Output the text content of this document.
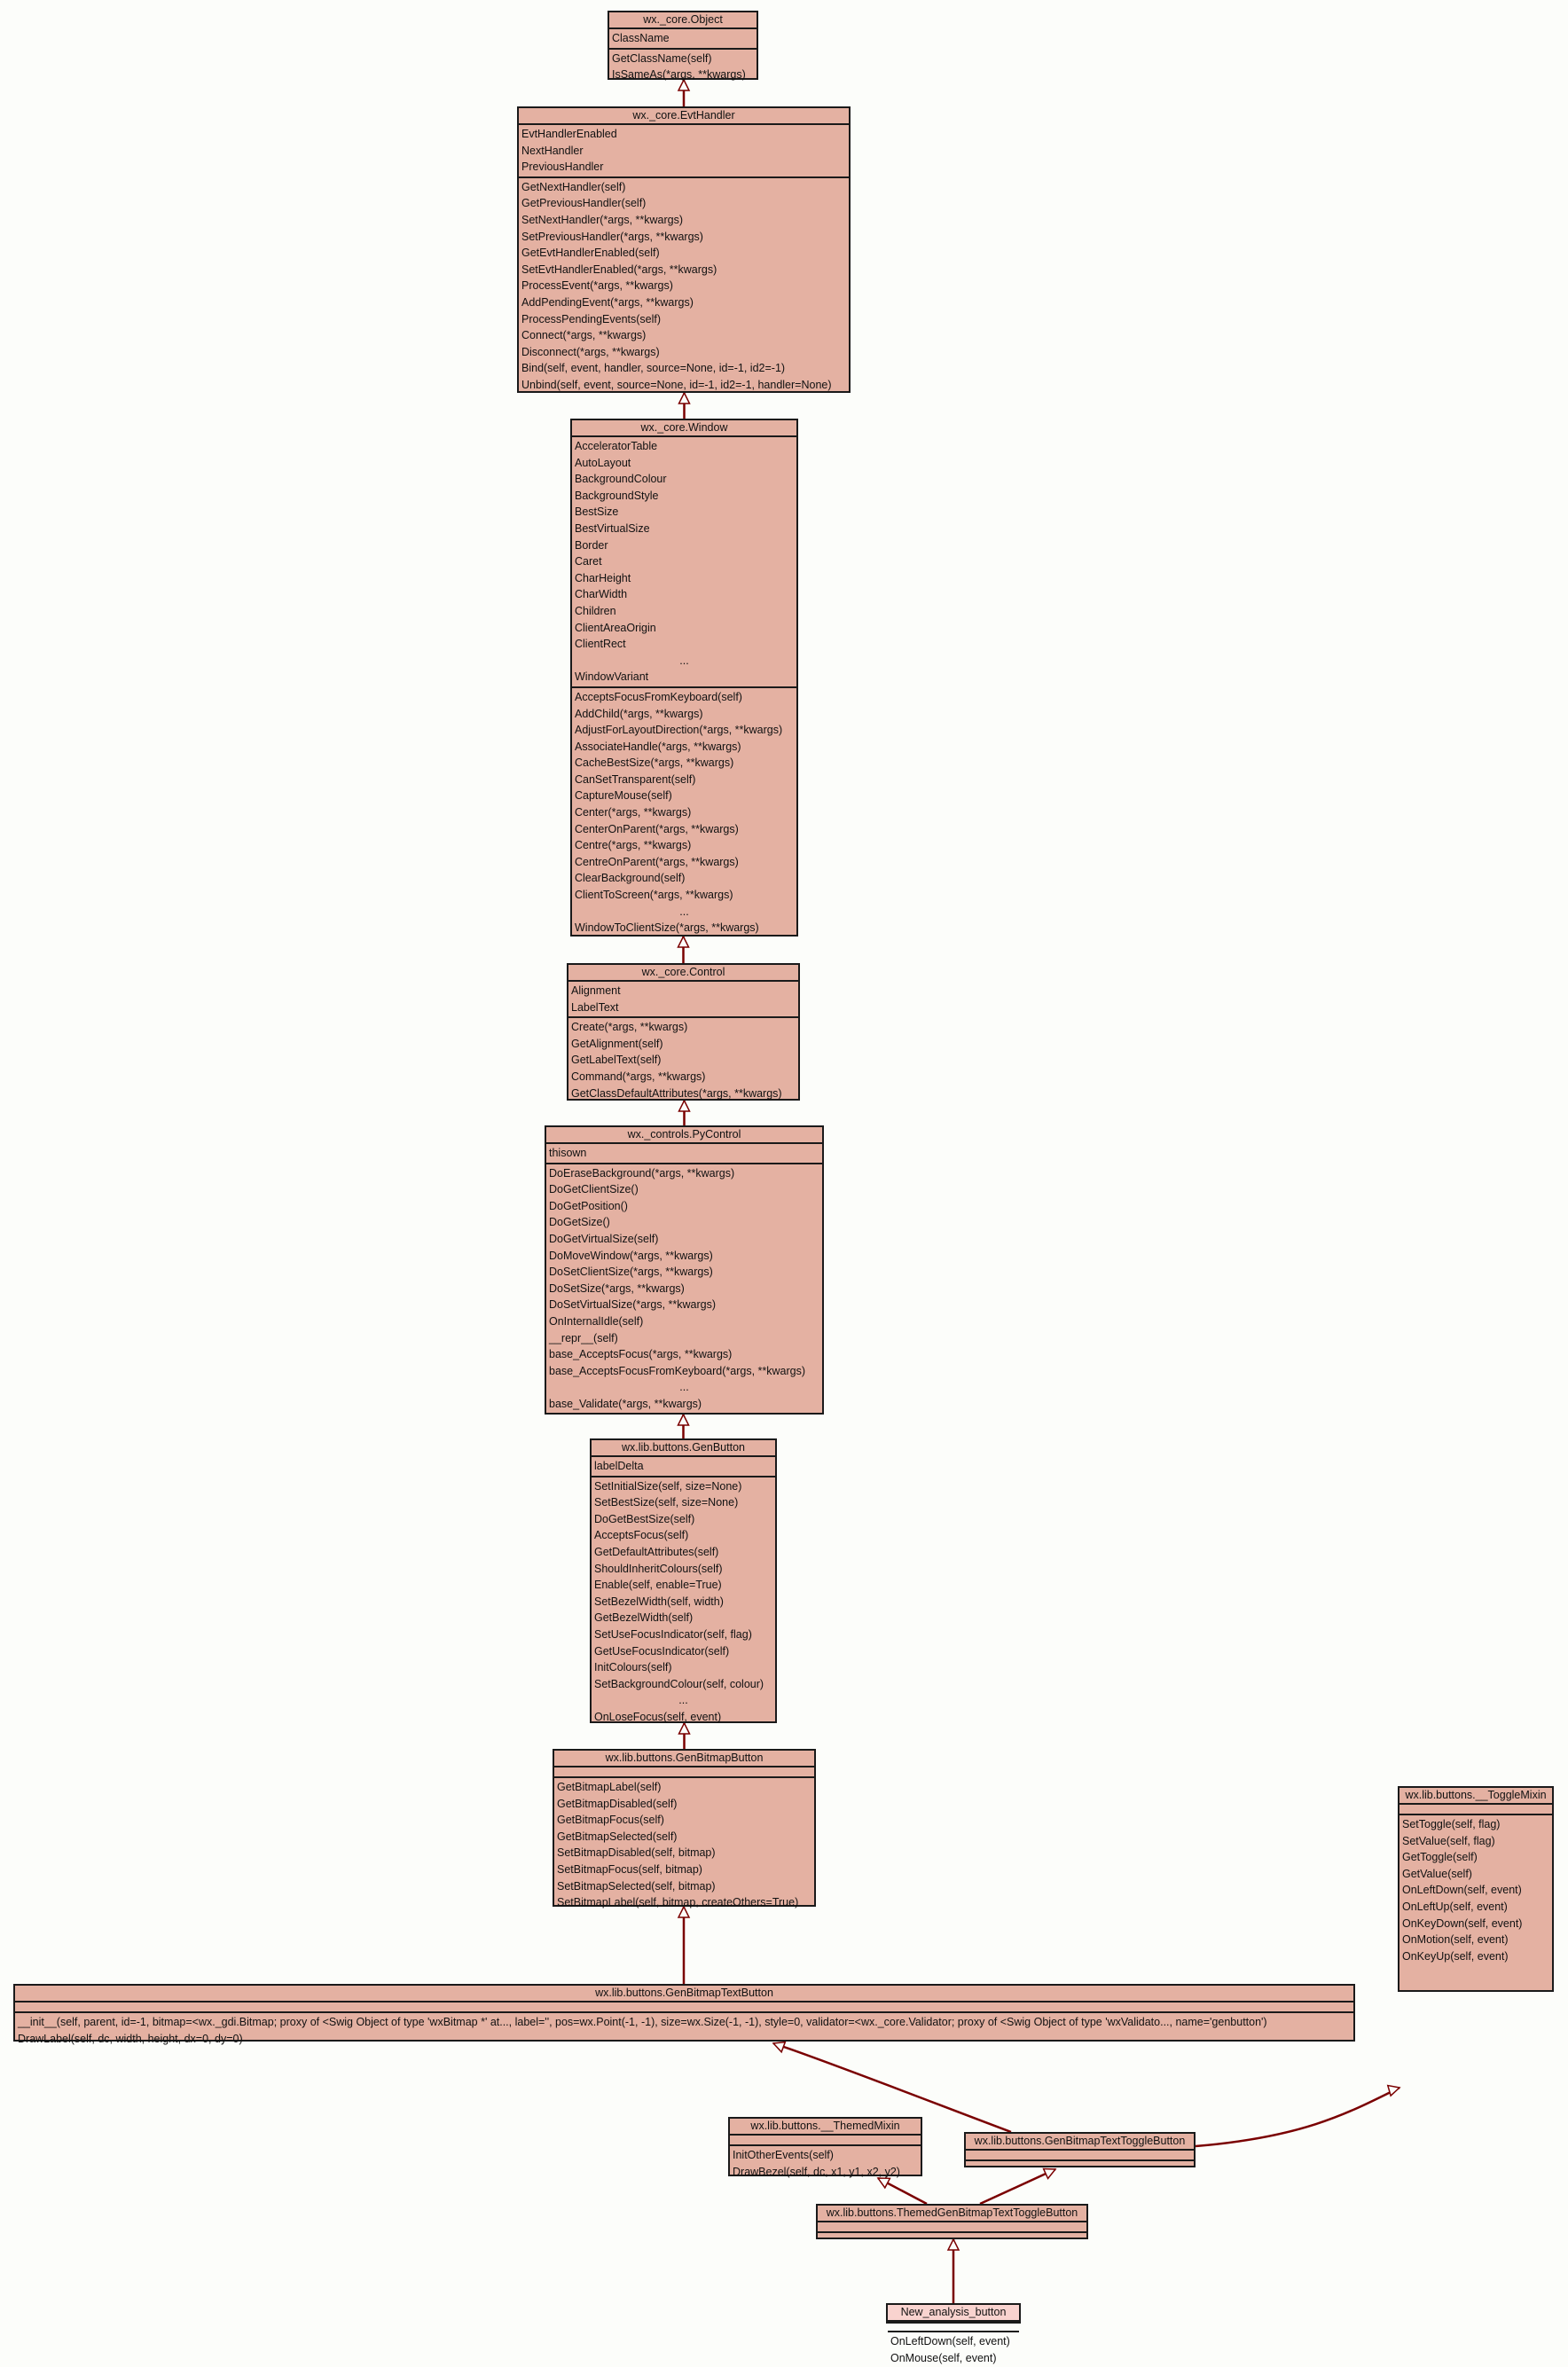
wx._core.Object
ClassName
GetClassName(self)
IsSameAs(*args, **kwargs)
wx._core.EvtHandler
EvtHandlerEnabled
NextHandler
PreviousHandler
GetNextHandler(self)
GetPreviousHandler(self)
SetNextHandler(*args, **kwargs)
SetPreviousHandler(*args, **kwargs)
GetEvtHandlerEnabled(self)
SetEvtHandlerEnabled(*args, **kwargs)
ProcessEvent(*args, **kwargs)
AddPendingEvent(*args, **kwargs)
ProcessPendingEvents(self)
Connect(*args, **kwargs)
Disconnect(*args, **kwargs)
Bind(self, event, handler, source=None, id=-1, id2=-1)
Unbind(self, event, source=None, id=-1, id2=-1, handler=None)
wx._core.Window
AcceleratorTable
AutoLayout
BackgroundColour
BackgroundStyle
BestSize
BestVirtualSize
Border
Caret
CharHeight
CharWidth
Children
ClientAreaOrigin
ClientRect
...
WindowVariant
AcceptsFocusFromKeyboard(self)
AddChild(*args, **kwargs)
AdjustForLayoutDirection(*args, **kwargs)
AssociateHandle(*args, **kwargs)
CacheBestSize(*args, **kwargs)
CanSetTransparent(self)
CaptureMouse(self)
Center(*args, **kwargs)
CenterOnParent(*args, **kwargs)
Centre(*args, **kwargs)
CentreOnParent(*args, **kwargs)
ClearBackground(self)
ClientToScreen(*args, **kwargs)
...
WindowToClientSize(*args, **kwargs)
wx._core.Control
Alignment
LabelText
Create(*args, **kwargs)
GetAlignment(self)
GetLabelText(self)
Command(*args, **kwargs)
GetClassDefaultAttributes(*args, **kwargs)
wx._controls.PyControl
thisown
DoEraseBackground(*args, **kwargs)
DoGetClientSize()
DoGetPosition()
DoGetSize()
DoGetVirtualSize(self)
DoMoveWindow(*args, **kwargs)
DoSetClientSize(*args, **kwargs)
DoSetSize(*args, **kwargs)
DoSetVirtualSize(*args, **kwargs)
OnInternalIdle(self)
__repr__(self)
base_AcceptsFocus(*args, **kwargs)
base_AcceptsFocusFromKeyboard(*args, **kwargs)
...
base_Validate(*args, **kwargs)
wx.lib.buttons.GenButton
labelDelta
SetInitialSize(self, size=None)
SetBestSize(self, size=None)
DoGetBestSize(self)
AcceptsFocus(self)
GetDefaultAttributes(self)
ShouldInheritColours(self)
Enable(self, enable=True)
SetBezelWidth(self, width)
GetBezelWidth(self)
SetUseFocusIndicator(self, flag)
GetUseFocusIndicator(self)
InitColours(self)
SetBackgroundColour(self, colour)
...
OnLoseFocus(self, event)
wx.lib.buttons.GenBitmapButton
GetBitmapLabel(self)
GetBitmapDisabled(self)
GetBitmapFocus(self)
GetBitmapSelected(self)
SetBitmapDisabled(self, bitmap)
SetBitmapFocus(self, bitmap)
SetBitmapSelected(self, bitmap)
SetBitmapLabel(self, bitmap, createOthers=True)
wx.lib.buttons.GenBitmapTextButton
__init__(self, parent, id=-1, bitmap=<wx._gdi.Bitmap; proxy of <Swig Object of type 'wxBitmap *' at..., label='', pos=wx.Point(-1, -1), size=wx.Size(-1, -1), style=0, validator=<wx._core.Validator; proxy of <Swig Object of type 'wxValidato..., name='genbutton')
DrawLabel(self, dc, width, height, dx=0, dy=0)
wx.lib.buttons.__ToggleMixin
SetToggle(self, flag)
SetValue(self, flag)
GetToggle(self)
GetValue(self)
OnLeftDown(self, event)
OnLeftUp(self, event)
OnKeyDown(self, event)
OnMotion(self, event)
OnKeyUp(self, event)
wx.lib.buttons.__ThemedMixin
InitOtherEvents(self)
DrawBezel(self, dc, x1, y1, x2, y2)
wx.lib.buttons.GenBitmapTextToggleButton
wx.lib.buttons.ThemedGenBitmapTextToggleButton
New_analysis_button
OnLeftDown(self, event)
OnMouse(self, event)
